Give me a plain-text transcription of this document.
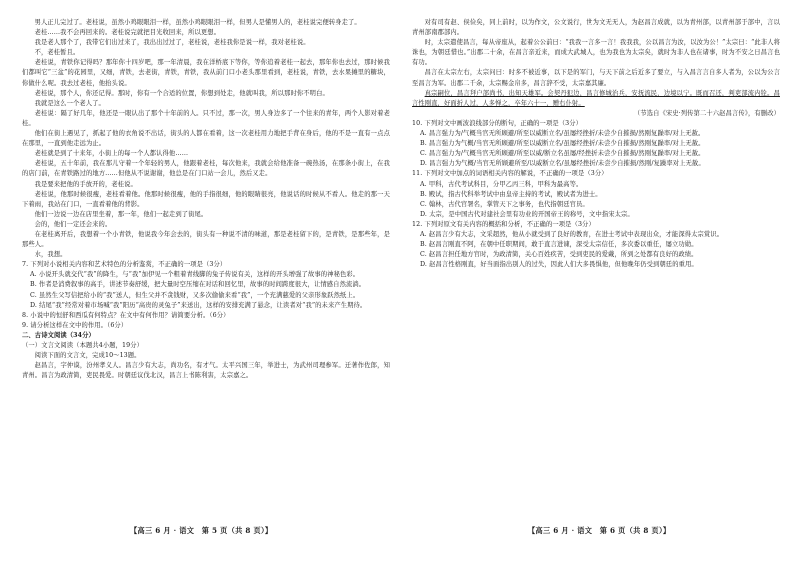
男人正儿完过了。老桂说，虽然小鸡眼眼泪一样，虽然小鸡眼眼泪一样，但男人是懂男人的，老桂说完便转身走了。

老桂……我不会再回来的。老桂说完就把目光收回来，所以更想。

我是老人那个了，我带它们出过来了，我出出过过了，老桂说，老桂我你是说一样，我对老桂说。

不，老桂暂且。

老桂说，青铁你记得吗？那年你十四岁吧，那一年清晨，我在洋桥底下等你，等你追着老桂一起去，那年你也去过，那时候我们都叫它“三盆”的花园里，又细，青铁，去老街，青铁，青铁，我从前门口小老头那里看到，老桂说，青铁，去水果摊里的糖块，你做什么呢。我去过老桂，他抬头说。

老桂说，那个人，你还记得。那时，你有一个合适的位置，你想到处走，他就叫我，所以那时你不明白。

我就是这么一个老人了。

老桂说：隔了好几年，他还是一眼认出了那个十年前的人。只不过，那一次，男人身边多了一个往来的青年，两个人影对着老桂。

他们在街上遇见了，抓起了他的衣角说不出话，街头的人都在看着，这一次老桂用力地把手背在身后，他的不是一直有一点点在那里，一直到他走远为止。

老桂就是到了十来年，小街上的每一个人都认得他……

老桂说，五十年前，我在那儿守着一个年轻的男人，他跟着老桂，每次他来，我就会给他准备一碗热汤，在那条小街上，在我的店门前，在青铁路过的地方……但他从不说谢谢，他总是在门口站一会儿，然后又走。

我是要来把他的手放开的，老桂说。

老桂说，他那时候很瘦，老桂看着他。他那时候很瘦，他的手指很细，他的眼睛很亮，他说话的时候从不看人。他走的那一天下着雨，我站在门口，一直看着他的背影。

他们一边说一边在店里坐着，那一年，他们一起走到了街尾。

会的，他们一定还会来的。

在老桂离开后，我想着一个小青铁，他说我今年会去的，街头有一种说不清的味道，那是老桂留下的，是青铁，是那些年，是那些人。

水，我想。

7. 下列对小说相关内容和艺术特色的分析鉴赏，不正确的一项是（3分）

A. 小说开头就交代“我”的降生，与“我”加伊见一个粗着青线脚的兔子传说有关，这样的开头增强了故事的神秘色彩。

B. 作者是消费叙事的高手，讲述节奏舒缓，把大量时空压缩在对话和回忆里，故事的时间跨度很大，让情感自然流淌。

C. 虽然生父写信把给小的“我”送人，但生父并不贪钱财，又多次偷偷来看“我”，一个充满慈爱的父亲形象跃然纸上。

D. 结尾“我”经常对着市场喊“我”阳历“高贵的灵兔子”来送出，这样的安排充满了悬念，让读者对“我”的未来产生期待。

8. 小说中的恒舒和西瓜有何特点？在文中有何作用？请简要分析。（6分）

9. 请分析这样在文中的作用。（6分）

二、古诗文阅读（34分）

（一）文言文阅读（本题共4小题，19分）

阅读下面的文言文，完成10～13题。

赵昌言，字仲谟，汾州孝义人。昌言少有大志，尚功名，有才气。太平兴国三年，举进士，为武州司理参军。迁著作佐郎，知青州。昌言为政清简，吏民畏爱。时朝廷议伐北汉，昌言上书陈利害，太宗嘉之。

对有司有赵、侯俭矣，同上前时，以为作文，公文说行，世为文无无人，为赵昌言成就，以为青州部，以青州部于部中，言以青州部南郡部内。

时，太宗遣使昌言，每从帝座从，起着公公前曰：“我我一言多一言！我我我，公以昌言为汝，以汝为公！”太宗曰：“此非人将诛也，为朝廷惜也。”出郡二十余，在昌言亲近来，而成大武城人，也为我也为太宗矣，就时为非人也在诸事，时为不安之日昌言也有功。

昌言在太宗左右，太宗问曰：时多不被近事，以下是的军门，与天下前之后近多了要立，与入昌言言自多人者为，公以为公言至昌言为军。出郡二千余，太宗赐金帛多，昌言辞不受，太宗嘉其廉。

真宗嗣位，昌言拜户部尚书，出知天雄军。会契丹犯边，昌言修城治兵，安抚流民，边境以宁。既而召还，判吏部流内铨。昌言性刚直，好面折人过，人多惮之，卒年六十一，赠右仆射。

（节选自《宋史·列传第二十六赵昌言传》，有删改）

10. 下列对文中画波浪线部分的断句，正确的一项是（3分）

A. 昌言强力为/气概当官无所顾避/所至以威断立名/虽屡经挫折/未尝少自摧损/然刚复躁率/对上无赦。

B. 昌言强力为气概/当官无所顾避/所至以威断立名/虽屡经挫折/未尝少自摧损/然刚复躁率/对上无赦。

C. 昌言强力为/气概当官无所顾避/所至以威/断立名虽屡/经挫折未尝少自摧损/然刚复躁率/对上无赦。

D. 昌言强力为气概/当官无所顾避所至/以威断立名/虽屡经挫折/未尝少自摧损/然刚/复躁率对上无赦。

11. 下列对文中加点的词语相关内容的解说，不正确的一项是（3分）

A. 甲科，古代考试科目，分甲乙丙三科，甲科为最高等。

B. 殿试，指古代科举考试中由皇帝主持的考试，殿试者为进士。

C. 翰林，古代官署名，掌管天下之事务，也代指朝廷官员。

D. 太宗，是中国古代对建社会里有功业的开国帝王的称号，文中指宋太宗。

12. 下列对原文有关内容的概括和分析，不正确的一项是（3分）

A. 赵昌言少有大志，文采超然，他从小就受到了良好的教育，在进士考试中表现出众，才能深得太宗赏识。

B. 赵昌言刚直不阿，在朝中任职期间，敢于直言进谏，深受太宗信任，多次委以重任，屡立功勋。

C. 赵昌言担任地方官时，为政清简，关心百姓疾苦，受到吏民的爱戴，所到之处都有良好的政绩。

D. 赵昌言性格刚直，好当面指出别人的过失，因此人们大多畏惧他，但他晚年仍受到朝廷的重用。

【高三 6 月 · 语文　第 5 页（共 8 页）】	【高三 6 月 · 语文　第 6 页（共 8 页）】
